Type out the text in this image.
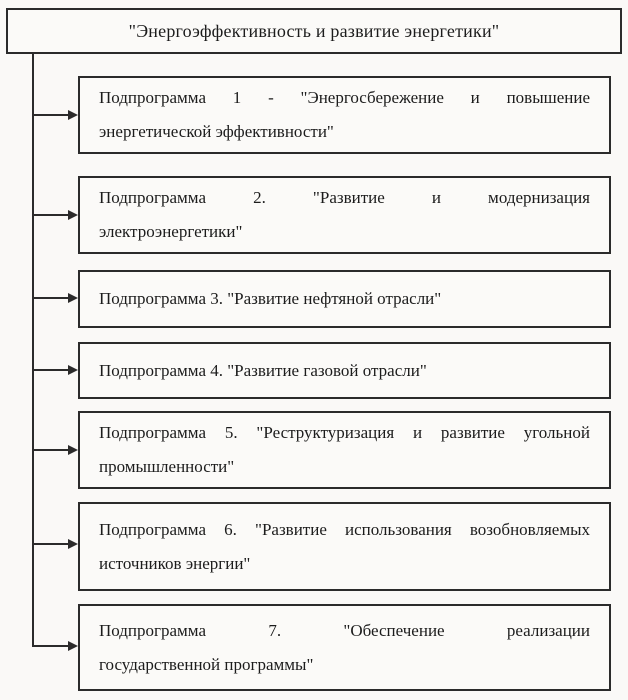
"Энергоэффективность и развитие энергетики"
Подпрограмма 1 - "Энергосбережение и повышение
энергетической эффективности"
Подпрограмма 2. "Развитие и модернизация
электроэнергетики"
Подпрограмма 3. "Развитие нефтяной отрасли"
Подпрограмма 4. "Развитие газовой отрасли"
Подпрограмма 5. "Реструктуризация и развитие угольной
промышленности"
Подпрограмма 6. "Развитие использования возобновляемых
источников энергии"
Подпрограмма 7. "Обеспечение реализации
государственной программы"
